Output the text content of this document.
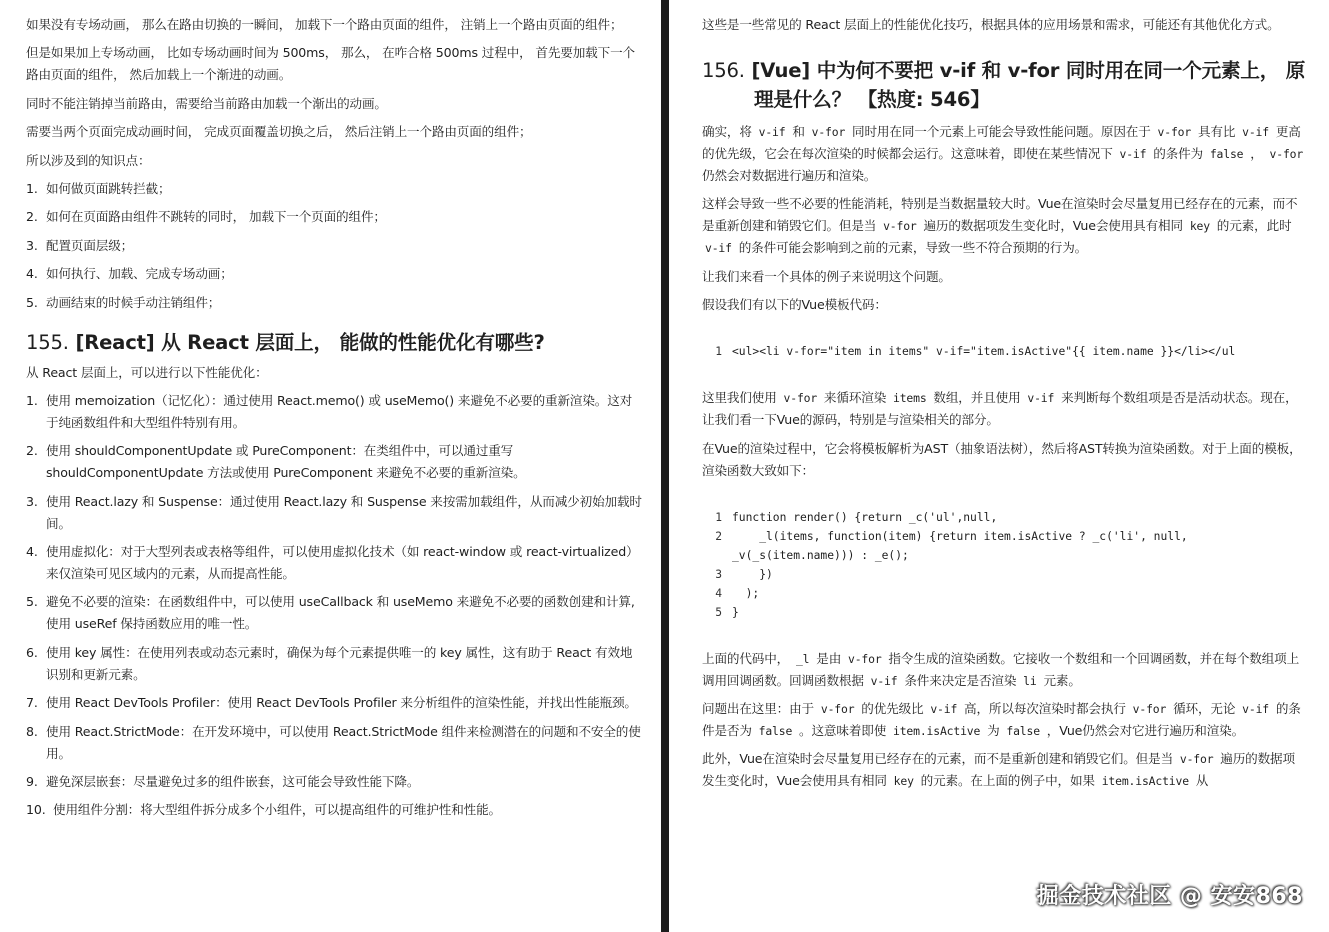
如果没有专场动画， 那么在路由切换的一瞬间， 加载下一个路由页面的组件， 注销上一个路由页面的组件；

但是如果加上专场动画， 比如专场动画时间为 500ms， 那么， 在咋合格 500ms 过程中， 首先要加载下一个路由页面的组件， 然后加载上一个渐进的动画。

同时不能注销掉当前路由，需要给当前路由加载一个渐出的动画。

需要当两个页面完成动画时间， 完成页面覆盖切换之后， 然后注销上一个路由页面的组件；

所以涉及到的知识点：

1. 如何做页面跳转拦截；
2. 如何在页面路由组件不跳转的同时， 加载下一个页面的组件；
3. 配置页面层级；
4. 如何执行、加载、完成专场动画；
5. 动画结束的时候手动注销组件；
155. [React] 从 React 层面上， 能做的性能优化有哪些?

从 React 层面上，可以进行以下性能优化：

1. 使用 memoization（记忆化）：通过使用 React.memo() 或 useMemo() 来避免不必要的重新渲染。这对于纯函数组件和大型组件特别有用。
2. 使用 shouldComponentUpdate 或 PureComponent：在类组件中，可以通过重写 shouldComponentUpdate 方法或使用 PureComponent 来避免不必要的重新渲染。
3. 使用 React.lazy 和 Suspense：通过使用 React.lazy 和 Suspense 来按需加载组件，从而减少初始加载时间。
4. 使用虚拟化：对于大型列表或表格等组件，可以使用虚拟化技术（如 react-window 或 react-virtualized）来仅渲染可见区域内的元素，从而提高性能。
5. 避免不必要的渲染：在函数组件中，可以使用 useCallback 和 useMemo 来避免不必要的函数创建和计算, 使用 useRef 保持函数应用的唯一性。
6. 使用 key 属性：在使用列表或动态元素时，确保为每个元素提供唯一的 key 属性，这有助于 React 有效地识别和更新元素。
7. 使用 React DevTools Profiler：使用 React DevTools Profiler 来分析组件的渲染性能，并找出性能瓶颈。
8. 使用 React.StrictMode：在开发环境中，可以使用 React.StrictMode 组件来检测潜在的问题和不安全的使用。
9. 避免深层嵌套：尽量避免过多的组件嵌套，这可能会导致性能下降。
10. 使用组件分割：将大型组件拆分成多个小组件，可以提高组件的可维护性和性能。

这些是一些常见的 React 层面上的性能优化技巧，根据具体的应用场景和需求，可能还有其他优化方式。

156. [Vue] 中为何不要把 v-if 和 v-for 同时用在同一个元素上， 原理是什么？ 【热度: 546】

确实，将 v-if 和 v-for 同时用在同一个元素上可能会导致性能问题。原因在于 v-for 具有比 v-if 更高的优先级，它会在每次渲染的时候都会运行。这意味着，即使在某些情况下 v-if 的条件为 false ， v-for 仍然会对数据进行遍历和渲染。

这样会导致一些不必要的性能消耗，特别是当数据量较大时。Vue在渲染时会尽量复用已经存在的元素，而不是重新创建和销毁它们。但是当 v-for 遍历的数据项发生变化时，Vue会使用具有相同 key 的元素，此时 v-if 的条件可能会影响到之前的元素，导致一些不符合预期的行为。

让我们来看一个具体的例子来说明这个问题。

假设我们有以下的Vue模板代码：

1 <ul><li v-for="item in items" v-if="item.isActive"{{ item.name }}</li></ul

这里我们使用 v-for 来循环渲染 items 数组，并且使用 v-if 来判断每个数组项是否是活动状态。现在，让我们看一下Vue的源码，特别是与渲染相关的部分。

在Vue的渲染过程中，它会将模板解析为AST（抽象语法树），然后将AST转换为渲染函数。对于上面的模板，渲染函数大致如下：

1 function render() {return _c('ul',null,
2 _l(items, function(item) {return item.isActive ? _c('li', null,
_v(_s(item.name))) : _e();
3 })
4 );
5 }

上面的代码中， _l 是由 v-for 指令生成的渲染函数。它接收一个数组和一个回调函数，并在每个数组项上调用回调函数。回调函数根据 v-if 条件来决定是否渲染 li 元素。

问题出在这里：由于 v-for 的优先级比 v-if 高，所以每次渲染时都会执行 v-for 循环，无论 v-if 的条件是否为 false 。这意味着即使 item.isActive 为 false ，Vue仍然会对它进行遍历和渲染。

此外，Vue在渲染时会尽量复用已经存在的元素，而不是重新创建和销毁它们。但是当 v-for 遍历的数据项发生变化时，Vue会使用具有相同 key 的元素。在上面的例子中，如果 item.isActive 从

掘金技术社区 @ 安安868
